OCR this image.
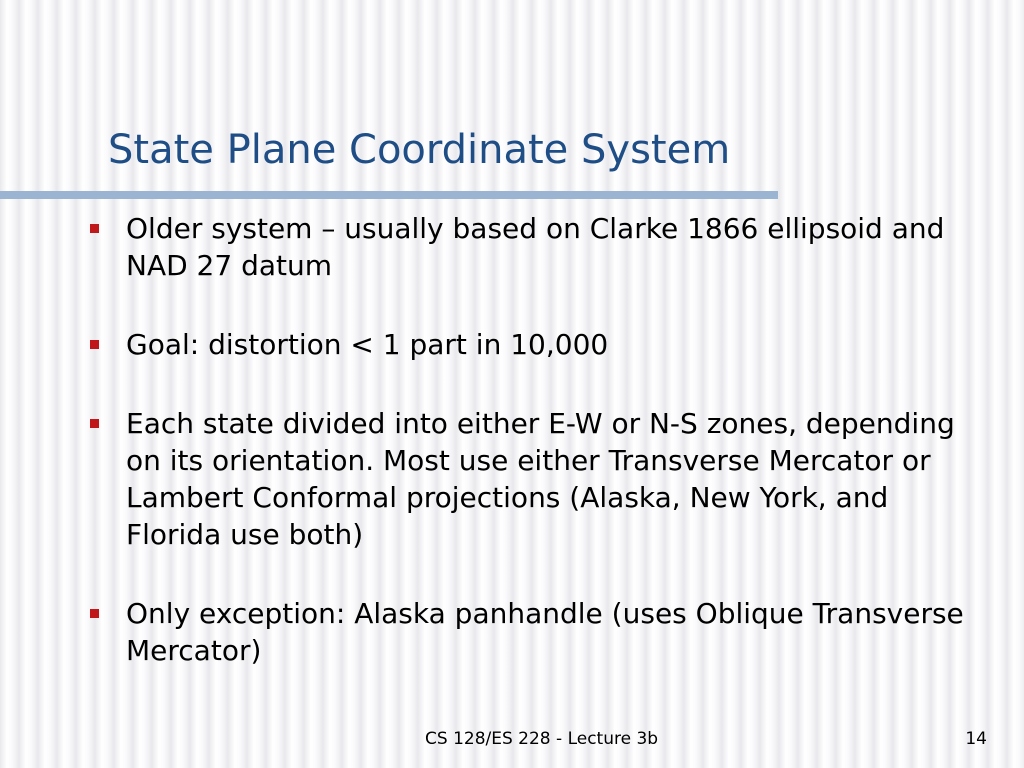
State Plane Coordinate System
Older system – usually based on Clarke 1866 ellipsoid and NAD 27 datum
Goal: distortion < 1 part in 10,000
Each state divided into either E-W or N-S zones, depending on its orientation. Most use either Transverse Mercator or Lambert Conformal projections (Alaska, New York, and Florida use both)
Only exception: Alaska panhandle (uses Oblique Transverse Mercator)
CS 128/ES 228 - Lecture 3b	14
